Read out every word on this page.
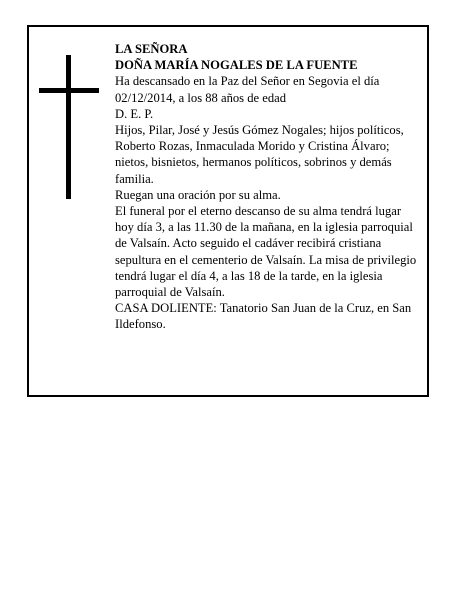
LA SEÑORA

DOÑA MARÍA NOGALES DE LA FUENTE

Ha descansado en la Paz del Señor en Segovia el día 02/12/2014, a los 88 años de edad

D. E. P.

Hijos, Pilar, José y Jesús Gómez Nogales; hijos políticos, Roberto Rozas, Inmaculada Morido y Cristina Álvaro; nietos, bisnietos, hermanos políticos, sobrinos y demás familia.

Ruegan una oración por su alma.

El funeral por el eterno descanso de su alma tendrá lugar hoy día 3, a las 11.30 de la mañana, en la iglesia parroquial de Valsaín. Acto seguido el cadáver recibirá cristiana sepultura en el cementerio de Valsaín. La misa de privilegio tendrá lugar el día 4, a las 18 de la tarde, en la iglesia parroquial de Valsaín.

CASA DOLIENTE: Tanatorio San Juan de la Cruz, en San Ildefonso.
